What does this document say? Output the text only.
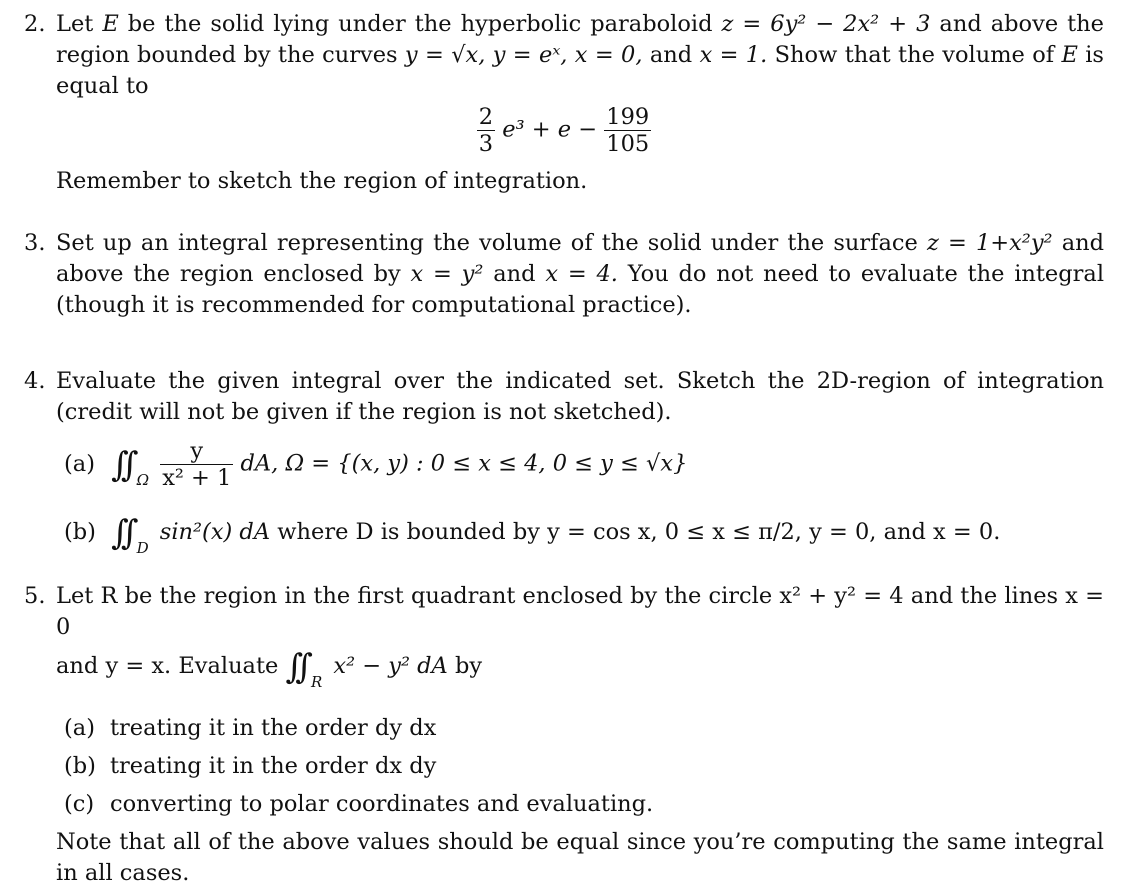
2. Let E be the solid lying under the hyperbolic paraboloid z = 6y² − 2x² + 3 and above the region bounded by the curves y = √x, y = eˣ, x = 0, and x = 1. Show that the volume of E is equal to
$\frac{2}{3} e^3 + e - \frac{199}{105}$
Remember to sketch the region of integration.
3. Set up an integral representing the volume of the solid under the surface z = 1+x²y² and above the region enclosed by x = y² and x = 4. You do not need to evaluate the integral (though it is recommended for computational practice).
4. Evaluate the given integral over the indicated set. Sketch the 2D-region of integration (credit will not be given if the region is not sketched).
(a) ∫∫ $_\Omega \frac{y}{\text{x² + 1}}$ dA, Ω = {(x, y) : 0 ≤ x ≤ 4, 0 ≤ y ≤ √x}
(b) ∫∫ $_D$ sin²(x) dA where D is bounded by y = cos x, 0 ≤ x ≤ π/2, y = 0, and x = 0.
5. Let R be the region in the first quadrant enclosed by the circle x² + y² = 4 and the lines x = 0
and y = x. Evaluate ∫∫ $_R$ x² − y² dA by
(a) treating it in the order dy dx
(b) treating it in the order dx dy
(c) converting to polar coordinates and evaluating.
Note that all of the above values should be equal since you’re computing the same integral in all cases.
